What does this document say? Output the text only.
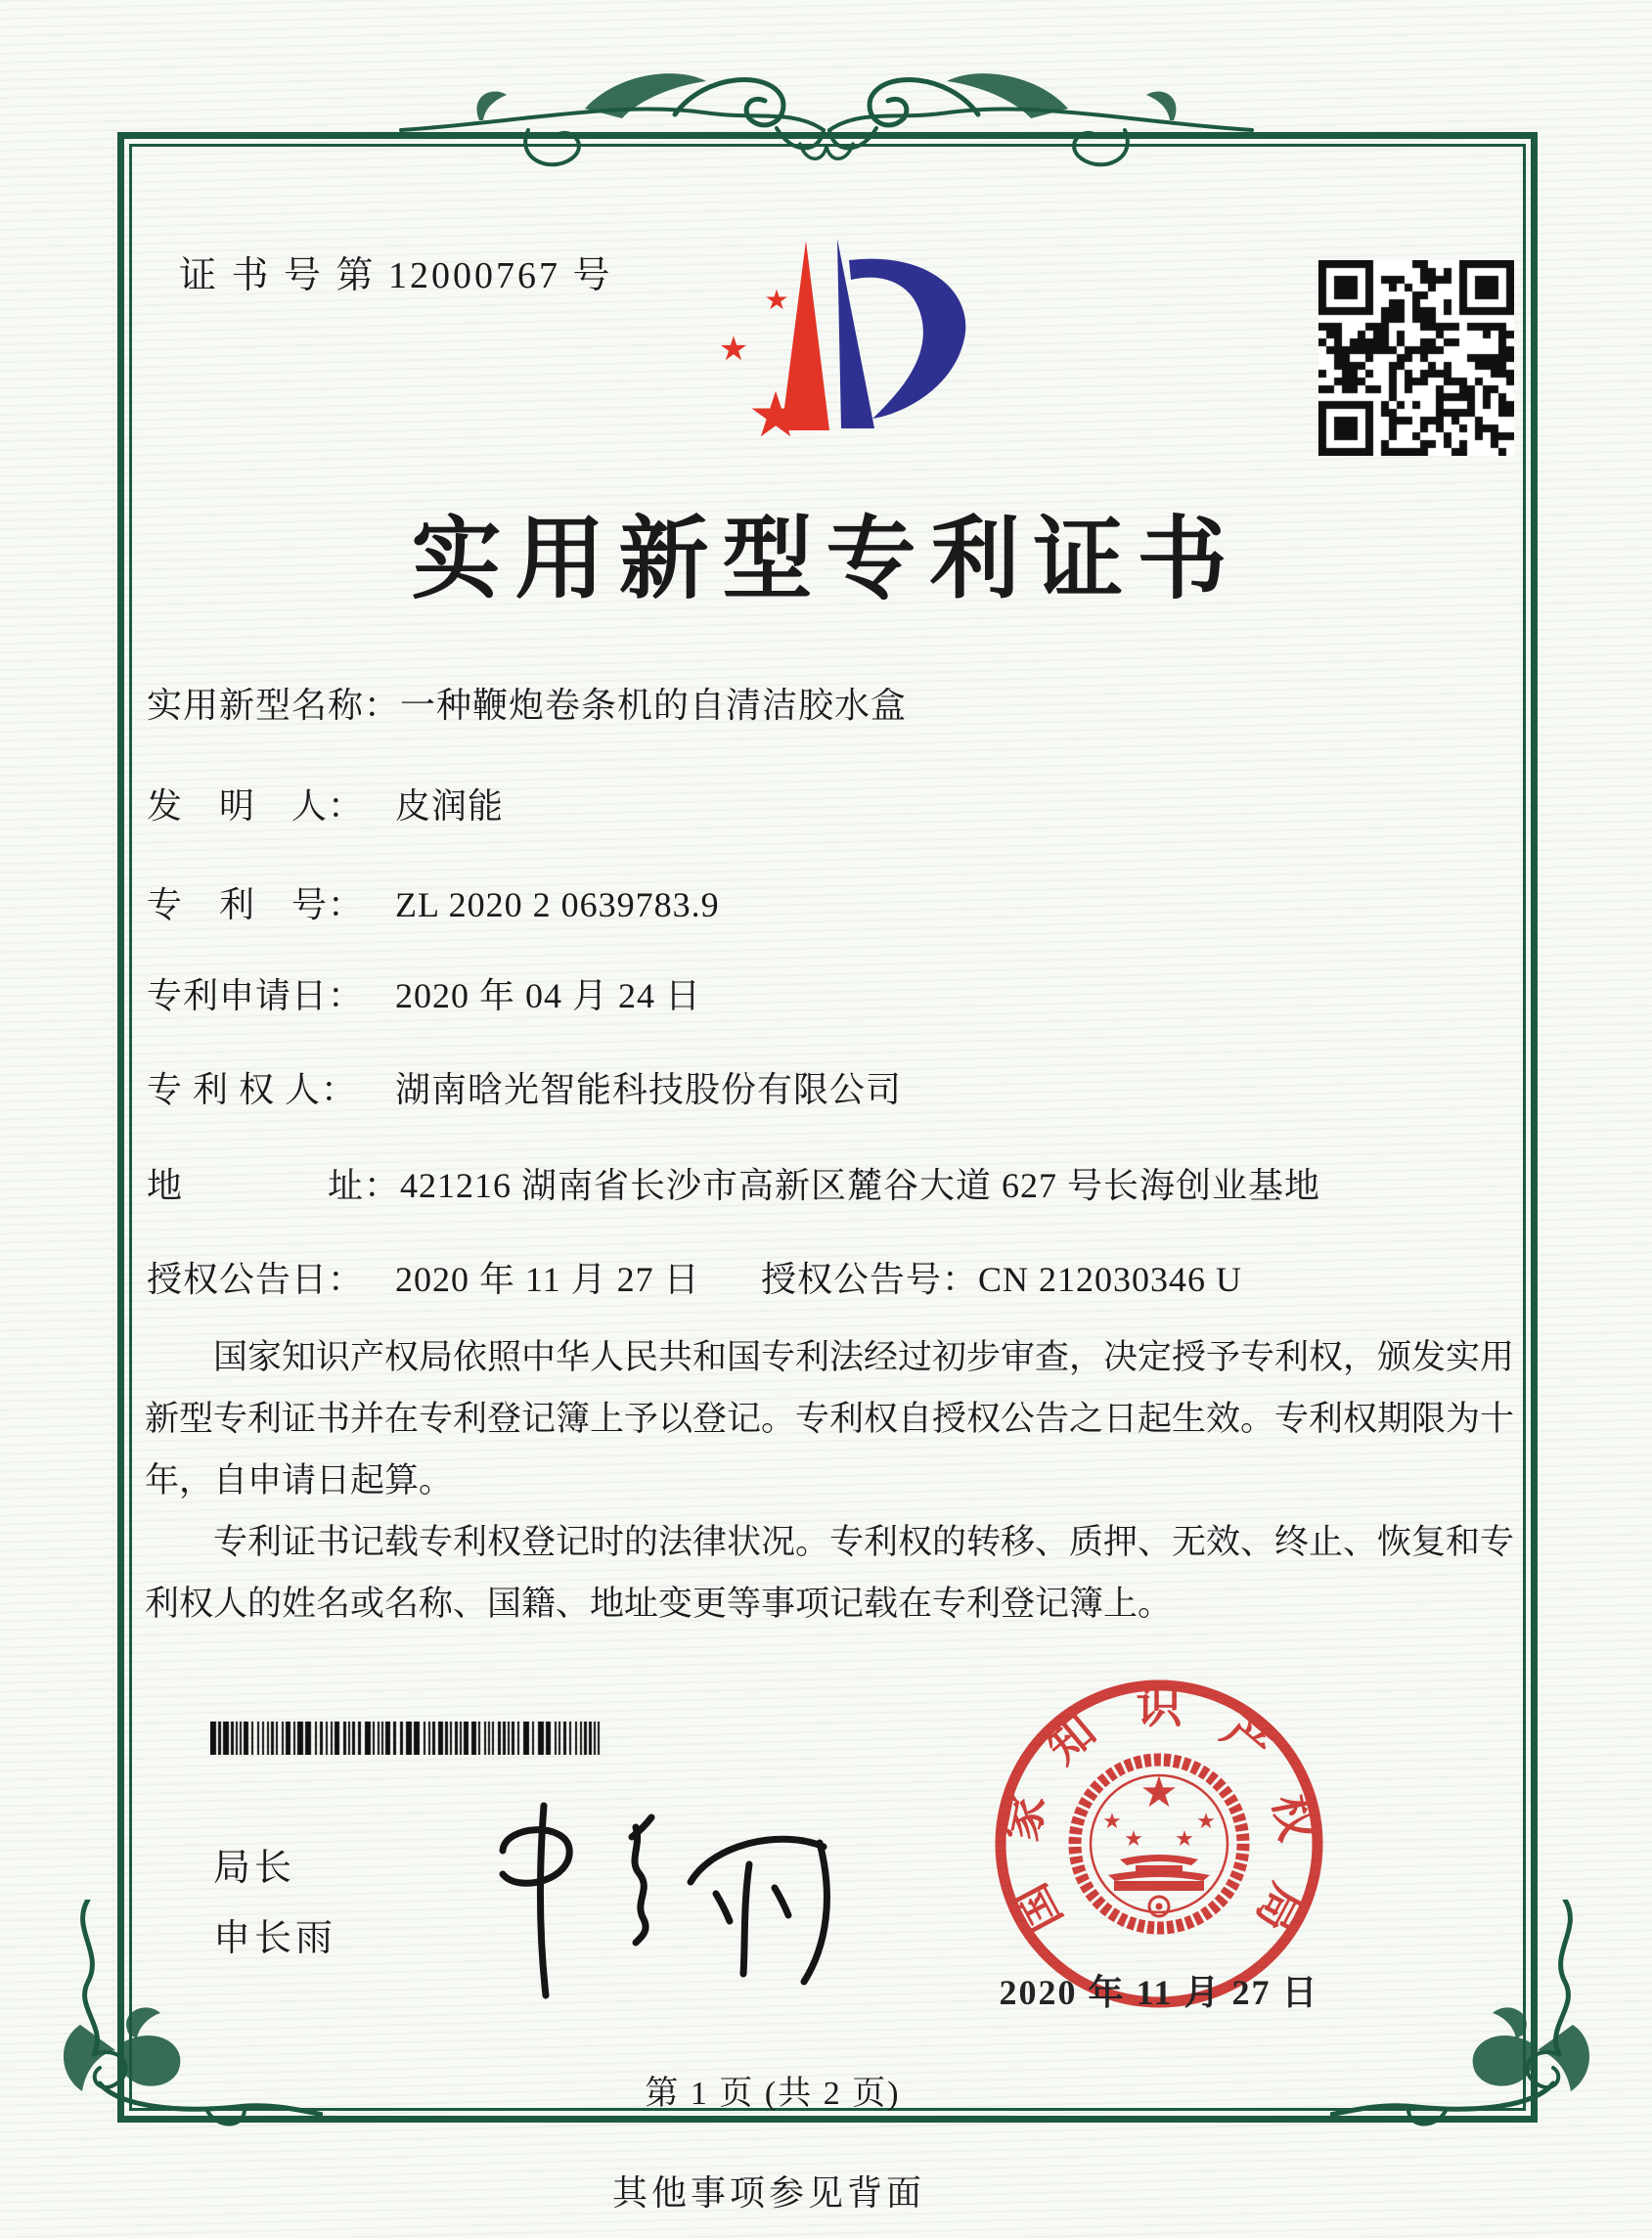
证 书 号 第 12000767 号
★
★
★
实用新型专利证书
实用新型名称：一种鞭炮卷条机的自清洁胶水盒
发　明　人： 皮润能
专　利　号： ZL 2020 2 0639783.9
专利申请日： 2020 年 04 月 24 日
专 利 权 人： 湖南晗光智能科技股份有限公司
地　　　　址：421216 湖南省长沙市高新区麓谷大道 627 号长海创业基地
授权公告日： 2020 年 11 月 27 日 授权公告号：CN 212030346 U

国家知识产权局依照中华人民共和国专利法经过初步审查，决定授予专利权，颁发实用新型专利证书并在专利登记簿上予以登记。专利权自授权公告之日起生效。专利权期限为十年，自申请日起算。

专利证书记载专利权登记时的法律状况。专利权的转移、质押、无效、终止、恢复和专利权人的姓名或名称、国籍、地址变更等事项记载在专利登记簿上。

局长
申长雨	国
家
知 识 产
权
局
★
★	★
★ ★
2020 年 11 月 27 日
第 1 页 (共 2 页)
其他事项参见背面
